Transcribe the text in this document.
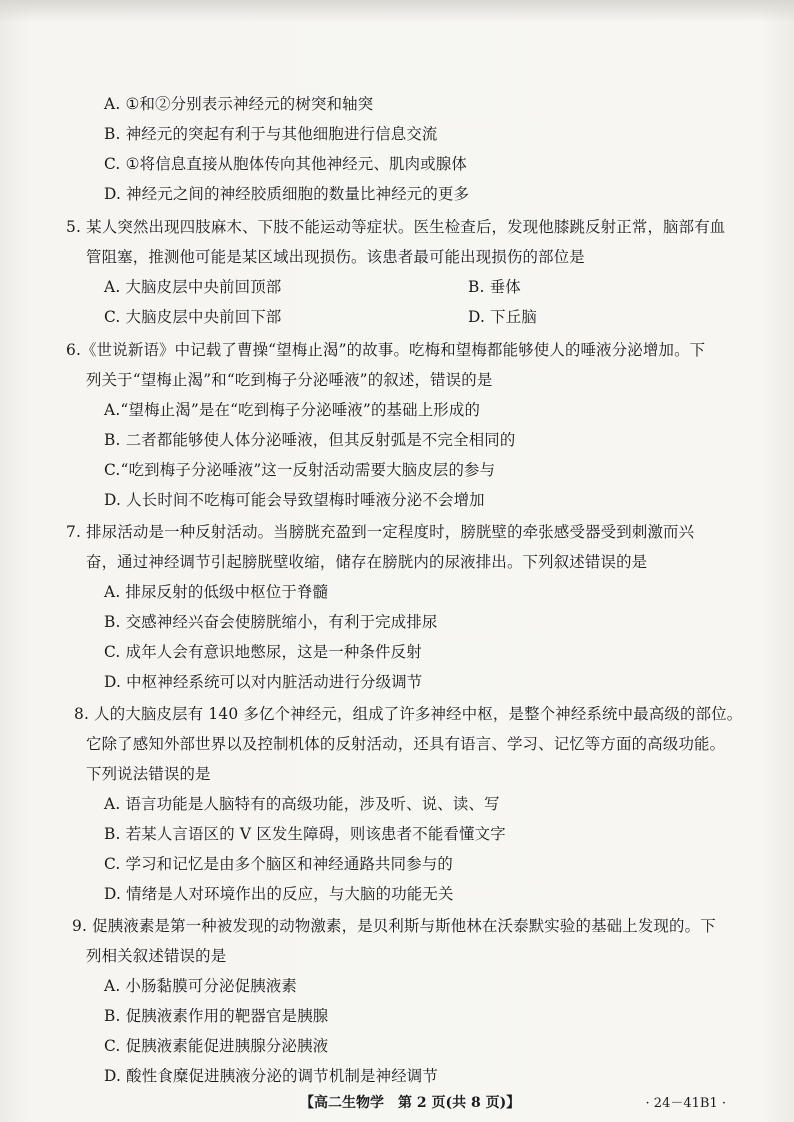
A. ①和②分别表示神经元的树突和轴突
B. 神经元的突起有利于与其他细胞进行信息交流
C. ①将信息直接从胞体传向其他神经元、肌肉或腺体
D. 神经元之间的神经胶质细胞的数量比神经元的更多
5. 某人突然出现四肢麻木、下肢不能运动等症状。医生检查后，发现他膝跳反射正常，脑部有血
管阻塞，推测他可能是某区域出现损伤。该患者最可能出现损伤的部位是
A. 大脑皮层中央前回顶部	B. 垂体
C. 大脑皮层中央前回下部	D. 下丘脑
6.《世说新语》中记载了曹操“望梅止渴”的故事。吃梅和望梅都能够使人的唾液分泌增加。下
列关于“望梅止渴”和“吃到梅子分泌唾液”的叙述，错误的是
A.“望梅止渴”是在“吃到梅子分泌唾液”的基础上形成的
B. 二者都能够使人体分泌唾液，但其反射弧是不完全相同的
C.“吃到梅子分泌唾液”这一反射活动需要大脑皮层的参与
D. 人长时间不吃梅可能会导致望梅时唾液分泌不会增加
7. 排尿活动是一种反射活动。当膀胱充盈到一定程度时，膀胱壁的牵张感受器受到刺激而兴
奋，通过神经调节引起膀胱壁收缩，储存在膀胱内的尿液排出。下列叙述错误的是
A. 排尿反射的低级中枢位于脊髓
B. 交感神经兴奋会使膀胱缩小，有利于完成排尿
C. 成年人会有意识地憋尿，这是一种条件反射
D. 中枢神经系统可以对内脏活动进行分级调节
8. 人的大脑皮层有 140 多亿个神经元，组成了许多神经中枢，是整个神经系统中最高级的部位。
它除了感知外部世界以及控制机体的反射活动，还具有语言、学习、记忆等方面的高级功能。
下列说法错误的是
A. 语言功能是人脑特有的高级功能，涉及听、说、读、写
B. 若某人言语区的 V 区发生障碍，则该患者不能看懂文字
C. 学习和记忆是由多个脑区和神经通路共同参与的
D. 情绪是人对环境作出的反应，与大脑的功能无关
9. 促胰液素是第一种被发现的动物激素，是贝利斯与斯他林在沃泰默实验的基础上发现的。下
列相关叙述错误的是
A. 小肠黏膜可分泌促胰液素
B. 促胰液素作用的靶器官是胰腺
C. 促胰液素能促进胰腺分泌胰液
D. 酸性食糜促进胰液分泌的调节机制是神经调节
【高二生物学　第 2 页(共 8 页)】	· 24－41B1 ·
